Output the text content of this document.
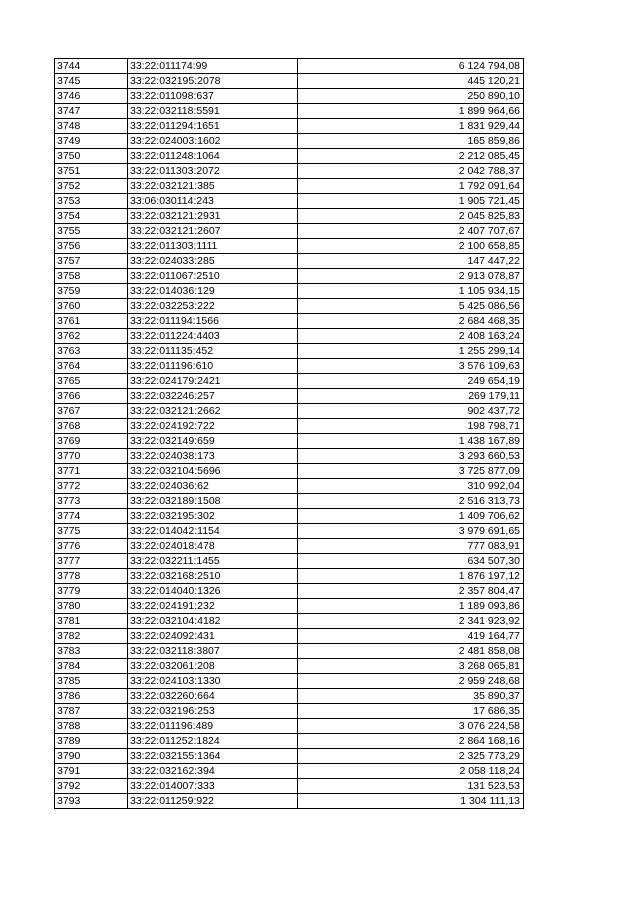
3744	33:22:011174:99	6 124 794,08
3745	33:22:032195:2078	445 120,21
3746	33:22:011098:637	250 890,10
3747	33:22:032118:5591	1 899 964,66
3748	33:22:011294:1651	1 831 929,44
3749	33:22:024003:1602	165 859,86
3750	33:22:011248:1064	2 212 085,45
3751	33:22:011303:2072	2 042 788,37
3752	33:22:032121:385	1 792 091,64
3753	33:06:030114:243	1 905 721,45
3754	33:22:032121:2931	2 045 825,83
3755	33:22:032121:2607	2 407 707,67
3756	33:22:011303:1111	2 100 658,85
3757	33:22:024033:285	147 447,22
3758	33:22:011067:2510	2 913 078,87
3759	33:22:014036:129	1 105 934,15
3760	33:22:032253:222	5 425 086,56
3761	33:22:011194:1566	2 684 468,35
3762	33:22:011224:4403	2 408 163,24
3763	33:22:011135:452	1 255 299,14
3764	33:22:011196:610	3 576 109,63
3765	33:22:024179:2421	249 654,19
3766	33:22:032246:257	269 179,11
3767	33:22:032121:2662	902 437,72
3768	33:22:024192:722	198 798,71
3769	33:22:032149:659	1 438 167,89
3770	33:22:024038:173	3 293 660,53
3771	33:22:032104:5696	3 725 877,09
3772	33:22:024036:62	310 992,04
3773	33:22:032189:1508	2 516 313,73
3774	33:22:032195:302	1 409 706,62
3775	33:22:014042:1154	3 979 691,65
3776	33:22:024018:478	777 083,91
3777	33:22:032211:1455	634 507,30
3778	33:22:032168:2510	1 876 197,12
3779	33:22:014040:1326	2 357 804,47
3780	33:22:024191:232	1 189 093,86
3781	33:22:032104:4182	2 341 923,92
3782	33:22:024092:431	419 164,77
3783	33:22:032118:3807	2 481 858,08
3784	33:22:032061:208	3 268 065,81
3785	33:22:024103:1330	2 959 248,68
3786	33:22:032260:664	35 890,37
3787	33:22:032196:253	17 686,35
3788	33:22:011196:489	3 076 224,58
3789	33:22:011252:1824	2 864 168,16
3790	33:22:032155:1364	2 325 773,29
3791	33:22:032162:394	2 058 118,24
3792	33:22:014007:333	131 523,53
3793	33:22:011259:922	1 304 111,13
